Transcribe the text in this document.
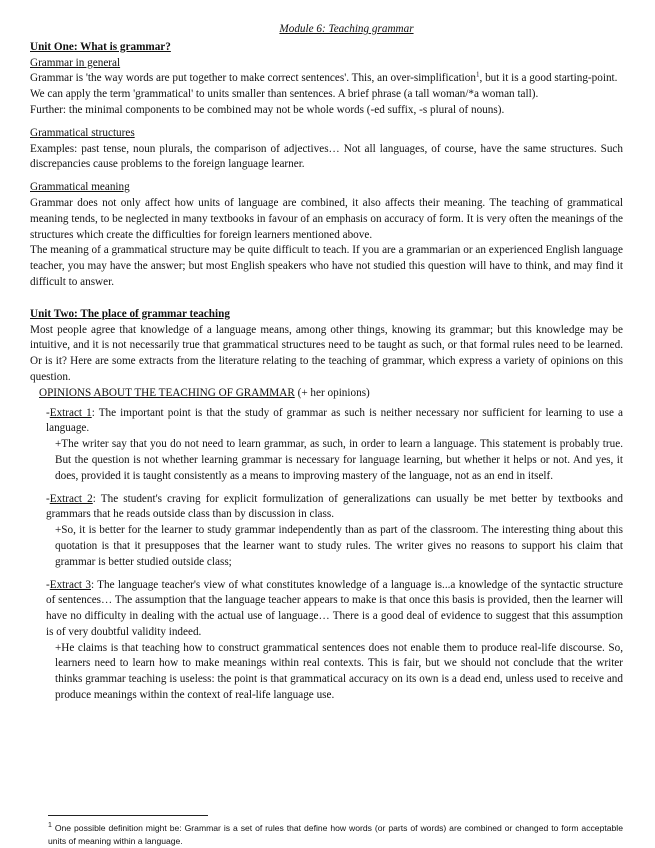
Module 6: Teaching grammar

Unit One: What is grammar?

Grammar in general

Grammar is 'the way words are put together to make correct sentences'. This, an over-simplification$^1$, but it is a good starting-point.

We can apply the term 'grammatical' to units smaller than sentences. A brief phrase (a tall woman/*a woman tall).

Further: the minimal components to be combined may not be whole words (-ed suffix, -s plural of nouns).

Grammatical structures

Examples: past tense, noun plurals, the comparison of adjectives… Not all languages, of course, have the same structures. Such discrepancies cause problems to the foreign language learner.

Grammatical meaning

Grammar does not only affect how units of language are combined, it also affects their meaning. The teaching of grammatical meaning tends, to be neglected in many textbooks in favour of an emphasis on accuracy of form. It is very often the meanings of the structures which create the difficulties for foreign learners mentioned above.

The meaning of a grammatical structure may be quite difficult to teach. If you are a grammarian or an experienced English language teacher, you may have the answer; but most English speakers who have not studied this question will have to think, and may find it difficult to answer.

Unit Two: The place of grammar teaching

Most people agree that knowledge of a language means, among other things, knowing its grammar; but this knowledge may be intuitive, and it is not necessarily true that grammatical structures need to be taught as such, or that formal rules need to be learned. Or is it? Here are some extracts from the literature relating to the teaching of grammar, which express a variety of opinions on this question.

OPINIONS ABOUT THE TEACHING OF GRAMMAR (+ her opinions)

-Extract 1: The important point is that the study of grammar as such is neither necessary nor sufficient for learning to use a language.

+The writer say that you do not need to learn grammar, as such, in order to learn a language. This statement is probably true. But the question is not whether learning grammar is necessary for language learning, but whether it helps or not. And yes, it does, provided it is taught consistently as a means to improving mastery of the language, not as an end in itself.

-Extract 2: The student's craving for explicit formulization of generalizations can usually be met better by textbooks and grammars that he reads outside class than by discussion in class.

+So, it is better for the learner to study grammar independently than as part of the classroom. The interesting thing about this quotation is that it presupposes that the learner want to study rules. The writer gives no reasons to support his claim that grammar is better studied outside class;

-Extract 3: The language teacher's view of what constitutes knowledge of a language is...a knowledge of the syntactic structure of sentences… The assumption that the language teacher appears to make is that once this basis is provided, then the learner will have no difficulty in dealing with the actual use of language… There is a good deal of evidence to suggest that this assumption is of very doubtful validity indeed.

+He claims is that teaching how to construct grammatical sentences does not enable them to produce real-life discourse. So, learners need to learn how to make meanings within real contexts. This is fair, but we should not conclude that the writer thinks grammar teaching is useless: the point is that grammatical accuracy on its own is a dead end, unless used to receive and produce meanings within the context of real-life language use.

$^1$ One possible definition might be: Grammar is a set of rules that define how words (or parts of words) are combined or changed to form acceptable units of meaning within a language.
